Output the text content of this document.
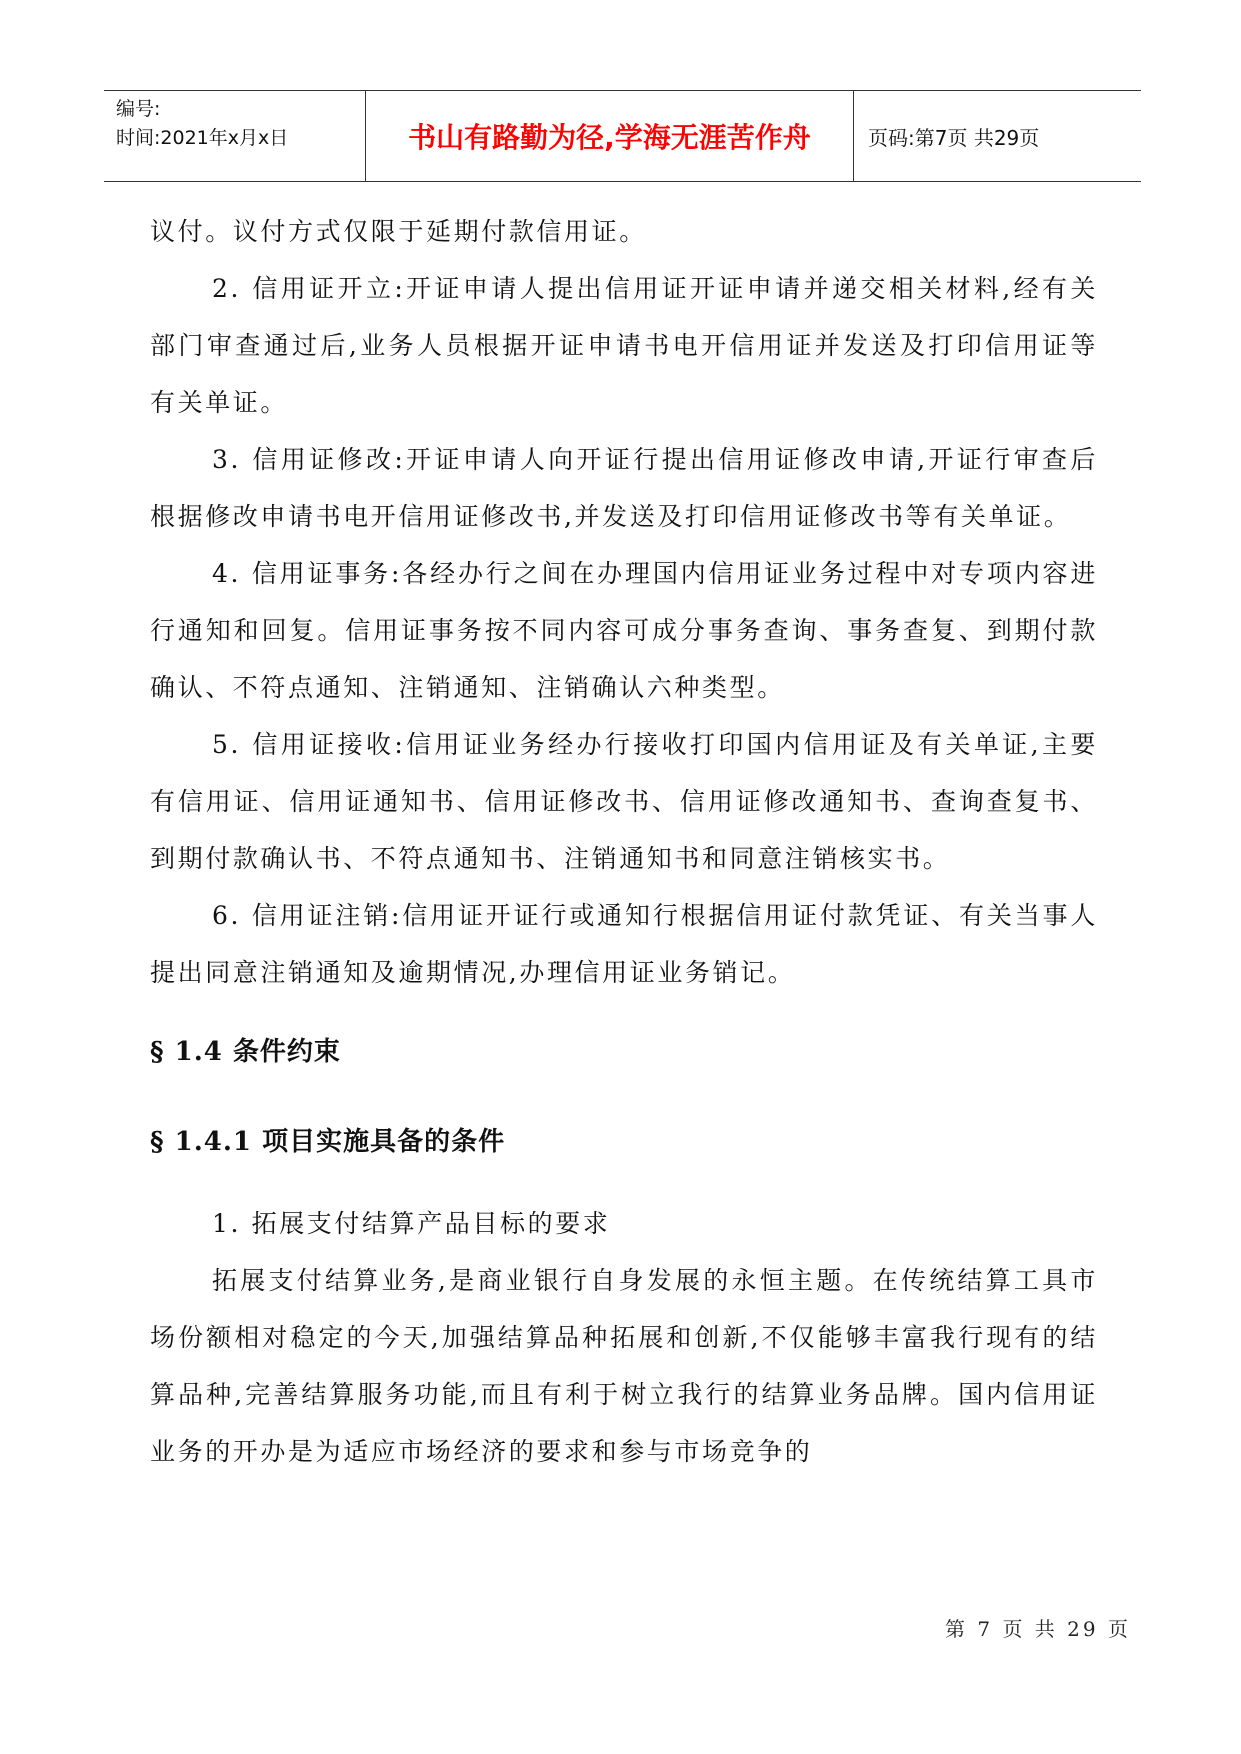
编号:
时间:2021年x月x日	书山有路勤为径,学海无涯苦作舟	页码:第7页 共29页

议付。议付方式仅限于延期付款信用证。

2. 信用证开立:开证申请人提出信用证开证申请并递交相关材料,经有关部门审查通过后,业务人员根据开证申请书电开信用证并发送及打印信用证等有关单证。

3. 信用证修改:开证申请人向开证行提出信用证修改申请,开证行审查后根据修改申请书电开信用证修改书,并发送及打印信用证修改书等有关单证。

4. 信用证事务:各经办行之间在办理国内信用证业务过程中对专项内容进行通知和回复。信用证事务按不同内容可成分事务查询、事务查复、到期付款确认、不符点通知、注销通知、注销确认六种类型。

5. 信用证接收:信用证业务经办行接收打印国内信用证及有关单证,主要有信用证、信用证通知书、信用证修改书、信用证修改通知书、查询查复书、到期付款确认书、不符点通知书、注销通知书和同意注销核实书。

6. 信用证注销:信用证开证行或通知行根据信用证付款凭证、有关当事人提出同意注销通知及逾期情况,办理信用证业务销记。

§ 1.4 条件约束
§ 1.4.1 项目实施具备的条件

1. 拓展支付结算产品目标的要求

拓展支付结算业务,是商业银行自身发展的永恒主题。在传统结算工具市场份额相对稳定的今天,加强结算品种拓展和创新,不仅能够丰富我行现有的结算品种,完善结算服务功能,而且有利于树立我行的结算业务品牌。国内信用证业务的开办是为适应市场经济的要求和参与市场竞争的

第 7 页 共 29 页
